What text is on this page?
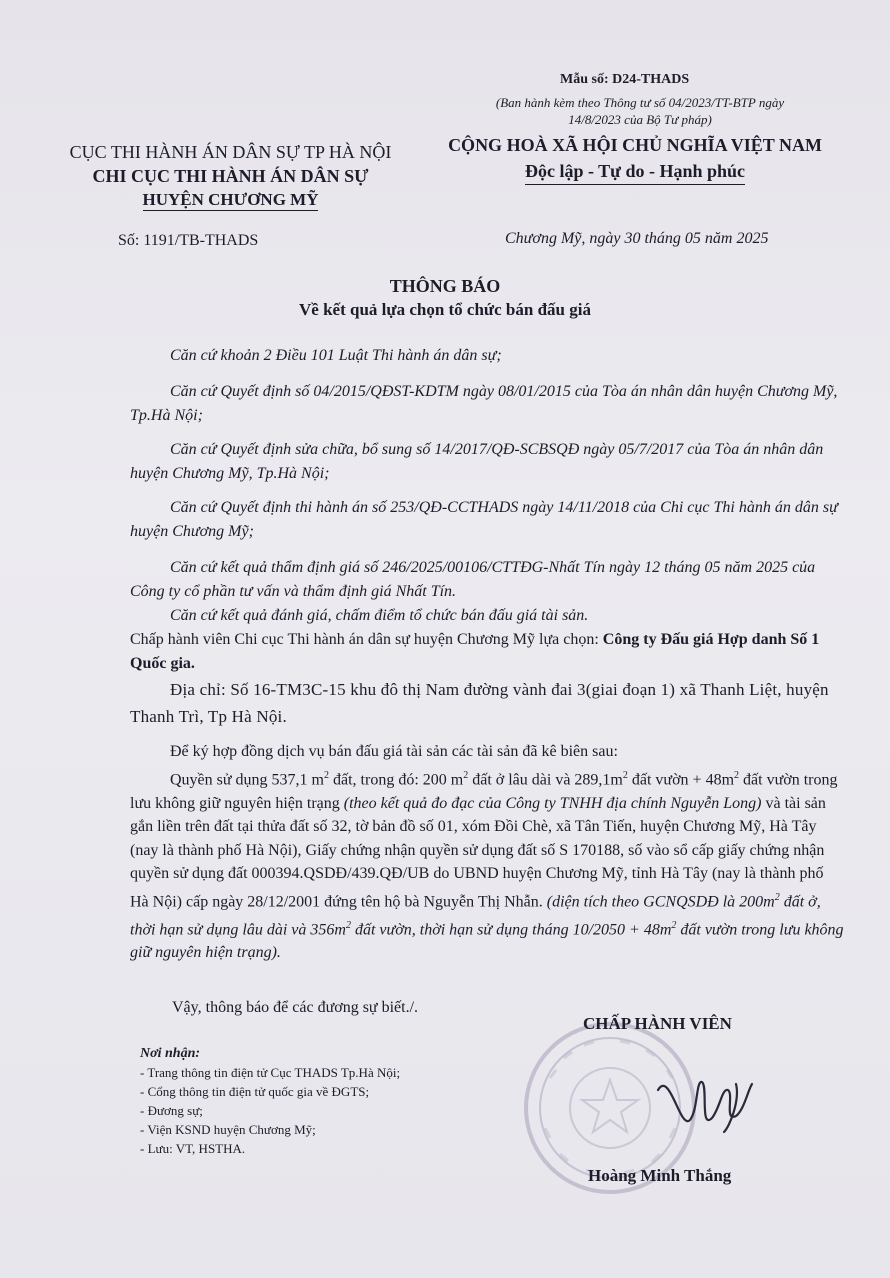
Mẫu số: D24-THADS
(Ban hành kèm theo Thông tư số 04/2023/TT-BTP ngày 14/8/2023 của Bộ Tư pháp)
CỤC THI HÀNH ÁN DÂN SỰ TP HÀ NỘI
CHI CỤC THI HÀNH ÁN DÂN SỰ
HUYỆN CHƯƠNG MỸ
CỘNG HOÀ XÃ HỘI CHỦ NGHĨA VIỆT NAM
Độc lập - Tự do - Hạnh phúc
Số: 1191/TB-THADS	Chương Mỹ, ngày 30 tháng 05 năm 2025
THÔNG BÁO
Về kết quả lựa chọn tổ chức bán đấu giá
Căn cứ khoản 2 Điều 101 Luật Thi hành án dân sự;
Căn cứ Quyết định số 04/2015/QĐST-KDTM ngày 08/01/2015 của Tòa án nhân dân huyện Chương Mỹ, Tp.Hà Nội;
Căn cứ Quyết định sửa chữa, bổ sung số 14/2017/QĐ-SCBSQĐ ngày 05/7/2017 của Tòa án nhân dân huyện Chương Mỹ, Tp.Hà Nội;
Căn cứ Quyết định thi hành án số 253/QĐ-CCTHADS ngày 14/11/2018 của Chi cục Thi hành án dân sự huyện Chương Mỹ;
Căn cứ kết quả thẩm định giá số 246/2025/00106/CTTĐG-Nhất Tín ngày 12 tháng 05 năm 2025 của Công ty cổ phần tư vấn và thẩm định giá Nhất Tín.
Căn cứ kết quả đánh giá, chấm điểm tổ chức bán đấu giá tài sản.
Chấp hành viên Chi cục Thi hành án dân sự huyện Chương Mỹ lựa chọn: Công ty Đấu giá Hợp danh Số 1 Quốc gia.
Địa chỉ: Số 16-TM3C-15 khu đô thị Nam đường vành đai 3(giai đoạn 1) xã Thanh Liệt, huyện Thanh Trì, Tp Hà Nội.
Để ký hợp đồng dịch vụ bán đấu giá tài sản các tài sản đã kê biên sau:
Quyền sử dụng 537,1 $m^2$ đất, trong đó: 200 $m^2$ đất ở lâu dài và $289,1m^2$ đất vườn + $48m^2$ đất vườn trong lưu không giữ nguyên hiện trạng (theo kết quả đo đạc của Công ty TNHH địa chính Nguyễn Long) và tài sản gắn liền trên đất tại thửa đất số 32, tờ bản đồ số 01, xóm Đồi Chè, xã Tân Tiến, huyện Chương Mỹ, Hà Tây (nay là thành phố Hà Nội), Giấy chứng nhận quyền sử dụng đất số S 170188, số vào sổ cấp giấy chứng nhận quyền sử dụng đất 000394.QSDĐ/439.QĐ/UB do UBND huyện Chương Mỹ, tỉnh Hà Tây (nay là thành phố Hà Nội) cấp ngày 28/12/2001 đứng tên hộ bà Nguyễn Thị Nhẫn. (diện tích theo GCNQSDĐ là $200m^2$ đất ở, thời hạn sử dụng lâu dài và $356m^2$ đất vườn, thời hạn sử dụng tháng $10/2050 + 48m^2$ đất vườn trong lưu không giữ nguyên hiện trạng).
Vậy, thông báo để các đương sự biết./.
Nơi nhận:
- Trang thông tin điện tử Cục THADS Tp.Hà Nội;
- Cổng thông tin điện tử quốc gia về ĐGTS;
- Đương sự;
- Viện KSND huyện Chương Mỹ;
- Lưu: VT, HSTHA.
CHẤP HÀNH VIÊN
Hoàng Minh Thắng
